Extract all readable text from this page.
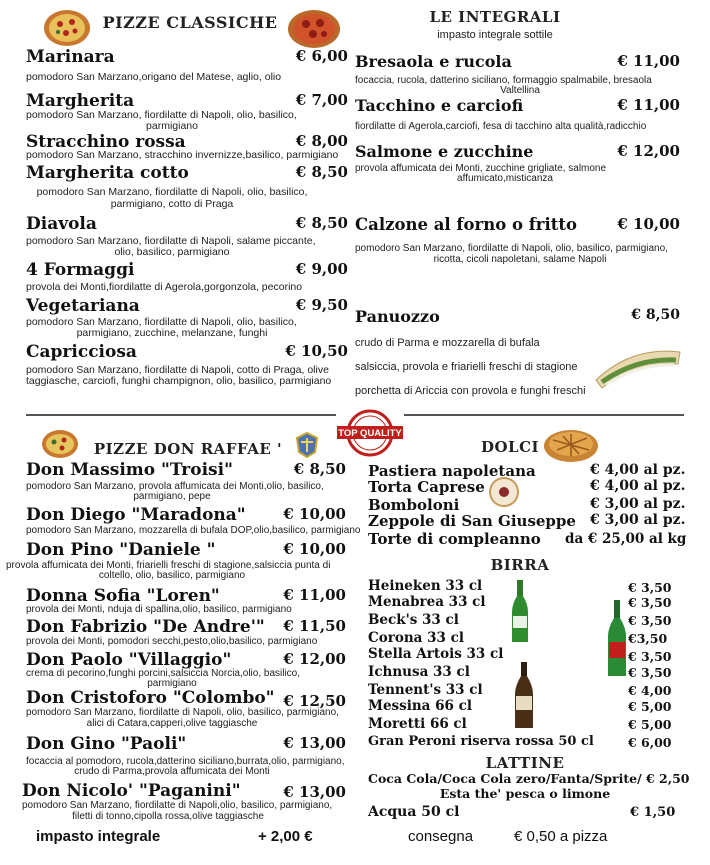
TOP QUALITY
PIZZE CLASSICHE
Marinara	€ 6,00
pomodoro San Marzano,origano del Matese, aglio, olio
Margherita	€ 7,00
pomodoro San Marzano, fiordilatte di Napoli, olio, basilico,
parmigiano
Stracchino rossa	€ 8,00
pomodoro San Marzano, stracchino invernizze,basilico, parmigiano
Margherita cotto	€ 8,50
pomodoro San Marzano, fiordilatte di Napoli, olio, basilico,
parmigiano, cotto di Praga
Diavola	€ 8,50
pomodoro San Marzano, fiordilatte di Napoli, salame piccante,
olio, basilico, parmigiano
4 Formaggi	€ 9,00
provola dei Monti,fiordilatte di Agerola,gorgonzola, pecorino
Vegetariana	€ 9,50
pomodoro San Marzano, fiordilatte di Napoli, olio, basilico,
parmigiano, zucchine, melanzane, funghi
Capricciosa	€ 10,50
pomodoro San Marzano, fiordilatte di Napoli, cotto di Praga, olive
taggiasche, carciofi, funghi champignon, olio, basilico, parmigiano
LE INTEGRALI
impasto integrale sottile
Bresaola e rucola	€ 11,00
focaccia, rucola, datterino siciliano, formaggio spalmabile, bresaola
Valtellina
Tacchino e carciofi	€ 11,00
fiordilatte di Agerola,carciofi, fesa di tacchino alta qualità,radicchio
Salmone e zucchine	€ 12,00
provola affumicata dei Monti, zucchine grigliate, salmone
affumicato,misticanza
Calzone al forno o fritto	€ 10,00
pomodoro San Marzano, fiordilatte di Napoli, olio, basilico, parmigiano,
ricotta, cicoli napoletani, salame Napoli
Panuozzo	€ 8,50
crudo di Parma e mozzarella di bufala
salsiccia, provola e friarielli freschi di stagione
porchetta di Ariccia con provola e funghi freschi
PIZZE DON RAFFAE '
Don Massimo "Troisi"	€ 8,50
pomodoro San Marzano, provola affumicata dei Monti,olio, basilico,
parmigiano, pepe
Don Diego "Maradona"	€ 10,00
pomodoro San Marzano, mozzarella di bufala DOP,olio,basilico, parmigiano
Don Pino "Daniele "	€ 10,00
provola affumicata dei Monti, friarielli freschi di stagione,salsiccia punta di
coltello, olio, basilico, parmigiano
Donna Sofia "Loren"	€ 11,00
provola dei Monti, nduja di spallina,olio, basilico, parmigiano
Don Fabrizio "De Andre'"	€ 11,50
provola dei Monti, pomodori secchi,pesto,olio,basilico, parmigiano
Don Paolo "Villaggio"	€ 12,00
crema di pecorino,funghi porcini,salsiccia Norcia,olio, basilico,
parmigiano
Don Cristoforo "Colombo" € 12,50
pomodoro San Marzano, fiordilatte di Napoli, olio, basilico, parmigiano,
alici di Catara,capperi,olive taggiasche
Don Gino "Paoli"	€ 13,00
focaccia al pomodoro, rucola,datterino siciliano,burrata,olio, parmigiano,
crudo di Parma,provola affumicata dei Monti
Don Nicolo' "Paganini"	€ 13,00
pomodoro San Marzano, fiordilatte di Napoli,olio, basilico, parmigiano,
filetti di tonno,cipolla rossa,olive taggiasche
DOLCI
Pastiera napoletana	€ 4,00 al pz.
Torta Caprese	€ 4,00 al pz.
Bomboloni	€ 3,00 al pz.
Zeppole di San Giuseppe € 3,00 al pz.
Torte di compleanno da € 25,00 al kg
BIRRA
Heineken 33 cl	€ 3,50
Menabrea 33 cl	€ 3,50
Beck's 33 cl	€ 3,50
Corona 33 cl	€3,50
Stella Artois 33 cl	€ 3,50
Ichnusa 33 cl	€ 3,50
Tennent's 33 cl	€ 4,00
Messina 66 cl	€ 5,00
Moretti 66 cl	€ 5,00
Gran Peroni riserva rossa 50 cl	€ 6,00
LATTINE
Coca Cola/Coca Cola zero/Fanta/Sprite/ € 2,50
Esta the' pesca o limone
Acqua 50 cl	€ 1,50
impasto integrale	+ 2,00 €	consegna	€ 0,50 a pizza
